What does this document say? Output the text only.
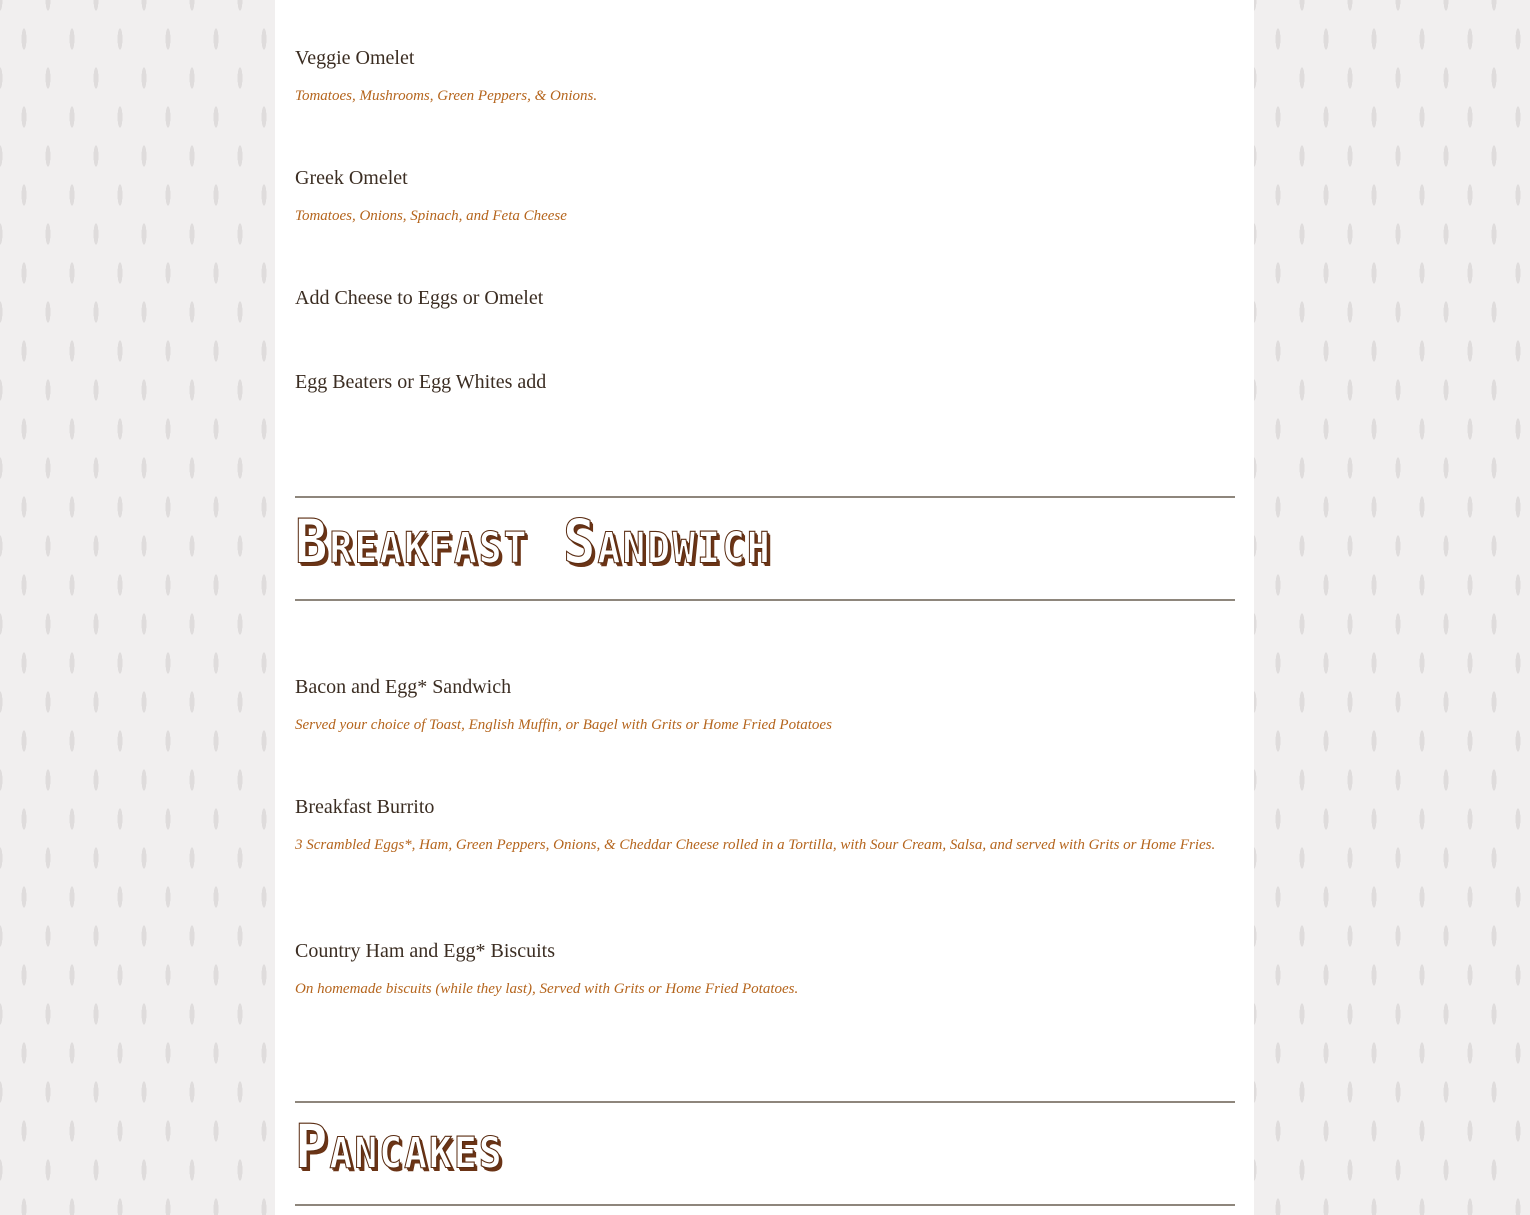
Veggie Omelet
Tomatoes, Mushrooms, Green Peppers, & Onions.
Greek Omelet
Tomatoes, Onions, Spinach, and Feta Cheese
Add Cheese to Eggs or Omelet
Egg Beaters or Egg Whites add
Breakfast Sandwich
Bacon and Egg* Sandwich
Served your choice of Toast, English Muffin, or Bagel with Grits or Home Fried Potatoes
Breakfast Burrito
3 Scrambled Eggs*, Ham, Green Peppers, Onions, & Cheddar Cheese rolled in a Tortilla, with Sour Cream, Salsa, and served with Grits or Home Fries.
Country Ham and Egg* Biscuits
On homemade biscuits (while they last), Served with Grits or Home Fried Potatoes.
Pancakes
